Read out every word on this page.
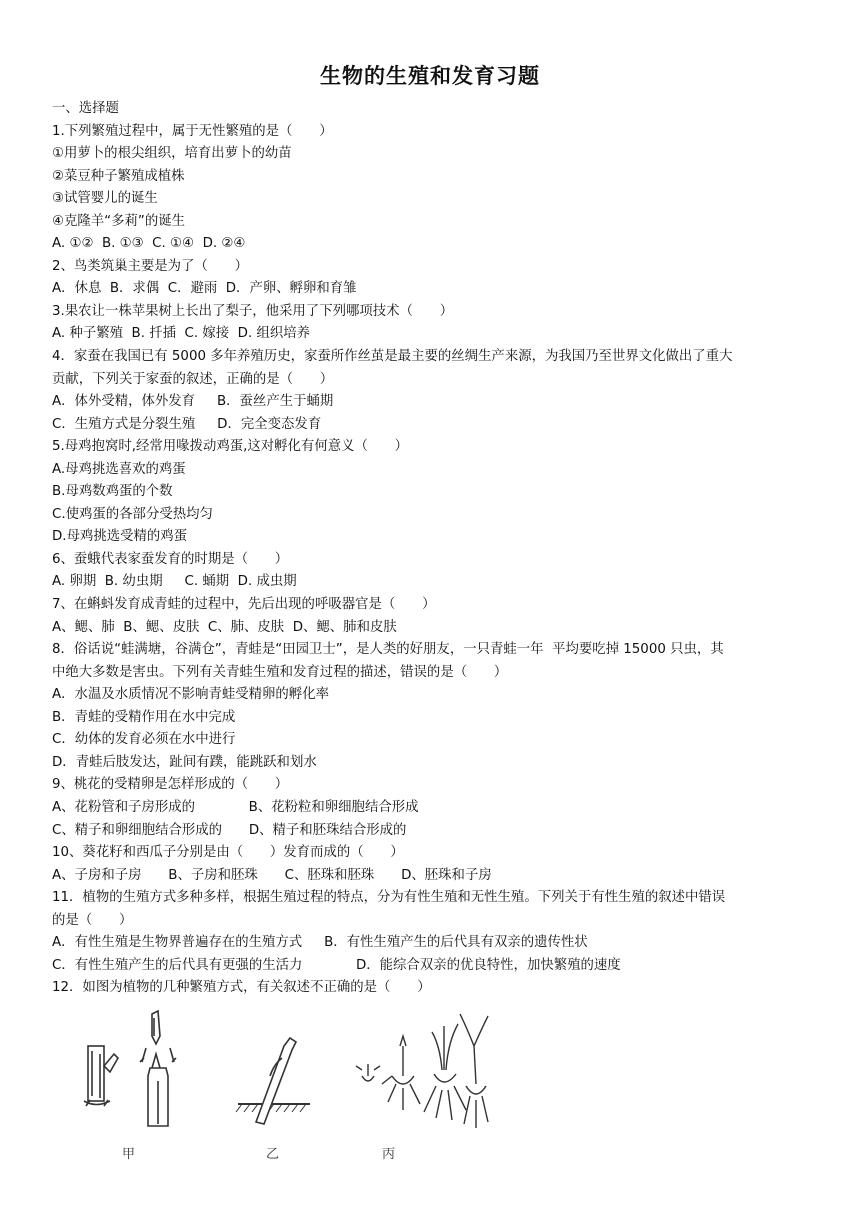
生物的生殖和发育习题
一、选择题
1.下列繁殖过程中，属于无性繁殖的是（　　）
①用萝卜的根尖组织，培育出萝卜的幼苗
②菜豆种子繁殖成植株
③试管婴儿的诞生
④克隆羊“多莉”的诞生
A. ①②  B. ①③  C. ①④  D. ②④
2、鸟类筑巢主要是为了（　　）
A．休息  B．求偶  C．避雨  D．产卵、孵卵和育雏
3.果农让一株苹果树上长出了梨子，他采用了下列哪项技术（　　）
A. 种子繁殖  B. 扦插  C. 嫁接  D. 组织培养
4．家蚕在我国已有 5000 多年养殖历史，家蚕所作丝茧是最主要的丝绸生产来源，为我国乃至世界文化做出了重大
贡献，下列关于家蚕的叙述，正确的是（　　）
A．体外受精，体外发育　  B．蚕丝产生于蛹期
C．生殖方式是分裂生殖　  D．完全变态发育
5.母鸡抱窝时,经常用喙拨动鸡蛋,这对孵化有何意义（　　）
A.母鸡挑选喜欢的鸡蛋
B.母鸡数鸡蛋的个数
C.使鸡蛋的各部分受热均匀
D.母鸡挑选受精的鸡蛋
6、蚕蛾代表家蚕发育的时期是（　　）
A. 卵期  B. 幼虫期  　C. 蛹期  D. 成虫期
7、在蝌蚪发育成青蛙的过程中，先后出现的呼吸器官是（　　）
A、鳃、肺  B、鳃、皮肤  C、肺、皮肤  D、鳃、肺和皮肤
8．俗话说“蛙满塘，谷满仓”，青蛙是“田园卫士”，是人类的好朋友，一只青蛙一年  平均要吃掉 15000 只虫，其
中绝大多数是害虫。下列有关青蛙生殖和发育过程的描述，错误的是（　　）
A．水温及水质情况不影响青蛙受精卵的孵化率
B．青蛙的受精作用在水中完成
C．幼体的发育必须在水中进行
D．青蛙后肢发达，趾间有蹼，能跳跃和划水
9、桃花的受精卵是怎样形成的（　　）
A、花粉管和子房形成的　　　　B、花粉粒和卵细胞结合形成
C、精子和卵细胞结合形成的　　D、精子和胚珠结合形成的
10、葵花籽和西瓜子分别是由（　　）发育而成的（　　）
A、子房和子房　　B、子房和胚珠　　C、胚珠和胚珠　　D、胚珠和子房
11．植物的生殖方式多种多样，根据生殖过程的特点，分为有性生殖和无性生殖。下列关于有性生殖的叙述中错误
的是（　　）
A．有性生殖是生物界普遍存在的生殖方式　  B．有性生殖产生的后代具有双亲的遗传性状
C．有性生殖产生的后代具有更强的生活力　　　　D．能综合双亲的优良特性，加快繁殖的速度
12．如图为植物的几种繁殖方式，有关叙述不正确的是（　　）
甲	乙	丙
